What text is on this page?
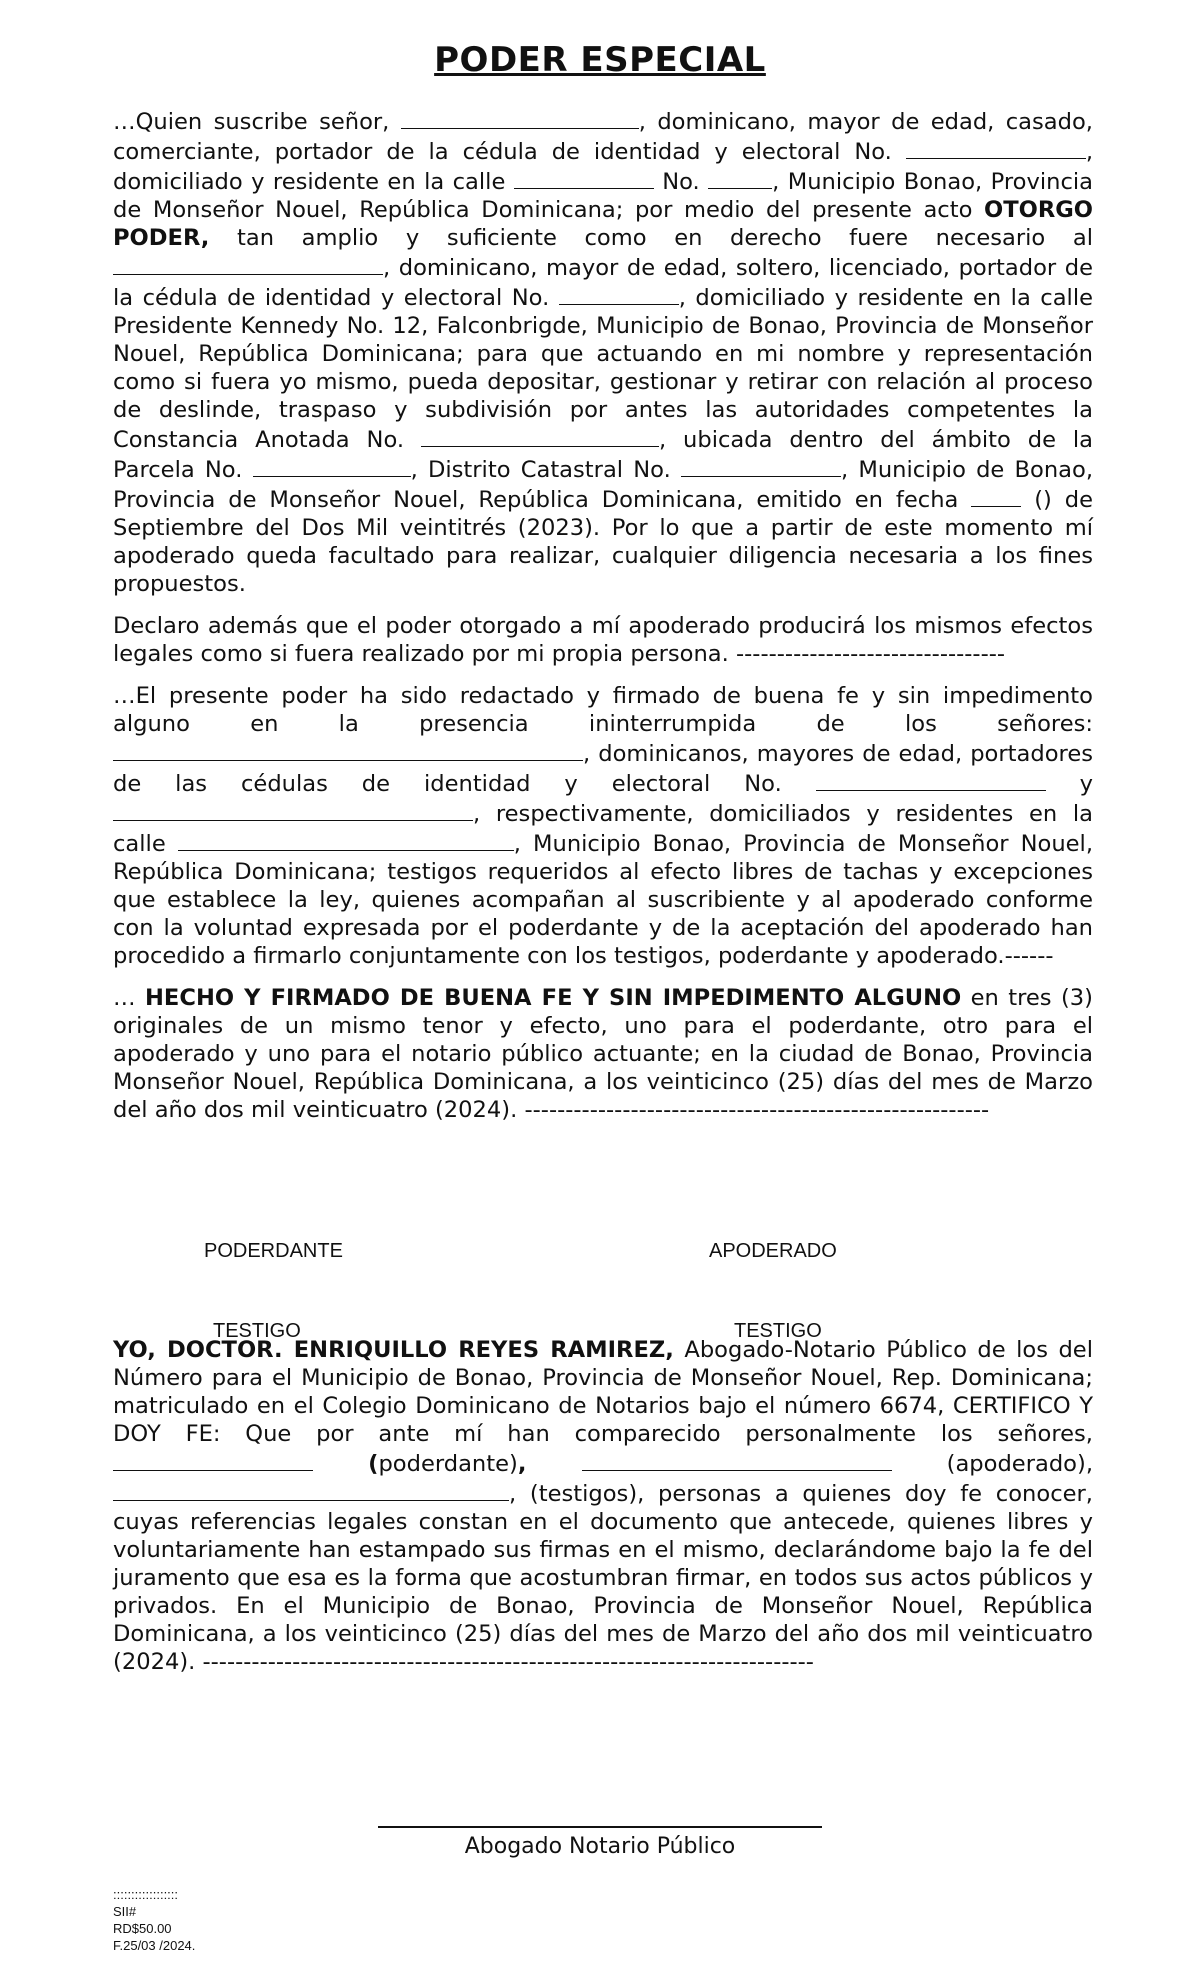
PODER ESPECIAL

…Quien suscribe señor,	, dominicano, mayor de edad, casado, comerciante, portador de la cédula de identidad y electoral No.	, domiciliado y residente en la calle	No.	, Municipio Bonao, Provincia de Monseñor Nouel, República Dominicana; por medio del presente acto OTORGO PODER, tan amplio y suficiente como en derecho fuere necesario al , dominicano, mayor de edad, soltero, licenciado, portador de la cédula de identidad y electoral No.	, domiciliado y residente en la calle Presidente Kennedy No. 12, Falconbrigde, Municipio de Bonao, Provincia de Monseñor Nouel, República Dominicana; para que actuando en mi nombre y representación como si fuera yo mismo, pueda depositar, gestionar y retirar con relación al proceso de deslinde, traspaso y subdivisión por antes las autoridades competentes la Constancia Anotada No.	, ubicada dentro del ámbito de la Parcela No.	, Distrito Catastral No.	, Municipio de Bonao, Provincia de Monseñor Nouel, República Dominicana, emitido en fecha  () de Septiembre del Dos Mil veintitrés (2023). Por lo que a partir de este momento mí apoderado queda facultado para realizar, cualquier diligencia necesaria a los fines propuestos.

Declaro además que el poder otorgado a mí apoderado producirá los mismos efectos legales como si fuera realizado por mi propia persona. ---------------------------------

…El presente poder ha sido redactado y firmado de buena fe y sin impedimento alguno en la presencia ininterrumpida de los señores: , dominicanos, mayores de edad, portadores de las cédulas de identidad y electoral No.	y , respectivamente, domiciliados y residentes en la calle	, Municipio Bonao, Provincia de Monseñor Nouel, República Dominicana; testigos requeridos al efecto libres de tachas y excepciones que establece la ley, quienes acompañan al suscribiente y al apoderado conforme con la voluntad expresada por el poderdante y de la aceptación del apoderado han procedido a firmarlo conjuntamente con los testigos, poderdante y apoderado.------

… HECHO Y FIRMADO DE BUENA FE Y SIN IMPEDIMENTO ALGUNO en tres (3) originales de un mismo tenor y efecto, uno para el poderdante, otro para el apoderado y uno para el notario público actuante; en la ciudad de Bonao, Provincia Monseñor Nouel, República Dominicana, a los veinticinco (25) días del mes de Marzo del año dos mil veinticuatro (2024). ---------------------------------------------------------

PODERDANTE	APODERADO
TESTIGO	TESTIGO
YO, DOCTOR. ENRIQUILLO REYES RAMIREZ, Abogado-Notario Público de los del Número para el Municipio de Bonao, Provincia de Monseñor Nouel, Rep. Dominicana; matriculado en el Colegio Dominicano de Notarios bajo el número 6674, CERTIFICO Y DOY FE: Que por ante mí han comparecido personalmente los señores,  (poderdante),	(apoderado), , (testigos), personas a quienes doy fe conocer, cuyas referencias legales constan en el documento que antecede, quienes libres y voluntariamente han estampado sus firmas en el mismo, declarándome bajo la fe del juramento que esa es la forma que acostumbran firmar, en todos sus actos públicos y privados. En el Municipio de Bonao, Provincia de Monseñor Nouel, República Dominicana, a los veinticinco (25) días del mes de Marzo del año dos mil veinticuatro (2024). ---------------------------------------------------------------------------
Abogado Notario Público
::::::::::::::::::
SII#
RD$50.00
F.25/03 /2024.
